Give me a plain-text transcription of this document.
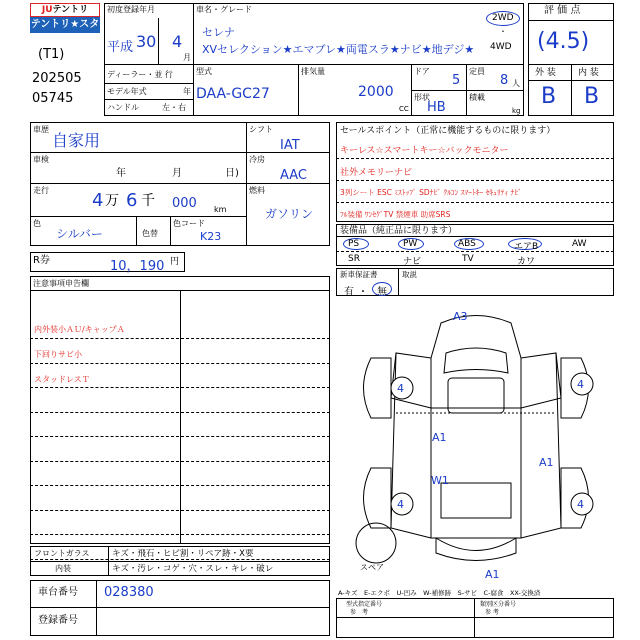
JUテントリ
テントリ★スター
(T1)
202505
05745
初度登録年月
平成 30 4
月
ディーラー・並 行
モデル年式	年
ハンドル	左・右
車名・グレード
セレナ
XVセレクション★エマブレ★両電スラ★ナビ★地デジ★
2WD
・
4WD
型式
DAA-GC27
排気量
2000
CC
ドア
5
定員
8 人
形状
HB
積載
kg
評 価 点
(4.5)
外 装 内 装
B B
車歴
自家用
車検
年	月	日)
走行 4 万 6 千 000 km
色
シルバー	色替
色コード
K23
シフト
IAT
冷房
AAC
燃料
ガソリン
R券	10，190 円
セールスポイント（正常に機能するものに限ります）
キーレス☆スマートキー☆バックモニター
社外メモリーナビ
3列シート ESC ﾐｽﾄｯﾌﾟ SDﾅﾋﾞ ｸﾙｺﾝ ｽﾏｰﾄｷｰ ｾｷｭﾘﾃｨ ﾅﾋﾞ
ﾌﾙ装備 ﾜﾝｾｸﾞTV 禁煙車 助席SRS
装備品（純正品に限ります）
PS	PW	ABS	エアB	AW
SR	ナビ	TV	カワ
新車保証書	取説
有 ・ 無
注意事項申告欄
内外装小ＡＵ/キャップＡ
下回りサビ小
スタッドレスＴ
フロントガラス	キズ・飛石・ヒビ割・リペア跡・X要
内装	キズ・汚レ・コゲ・穴・スレ・キレ・破レ
車台番号 028380
登録番号
A3
4	4
A1
A1
W1
4	4
A1
スペア
A-キズ　E-エクボ　U-凹み　W-補修跡　S-サビ　C-腐食　XX-交換済
型式指定番号
参　考
類別区分番号
参 考
